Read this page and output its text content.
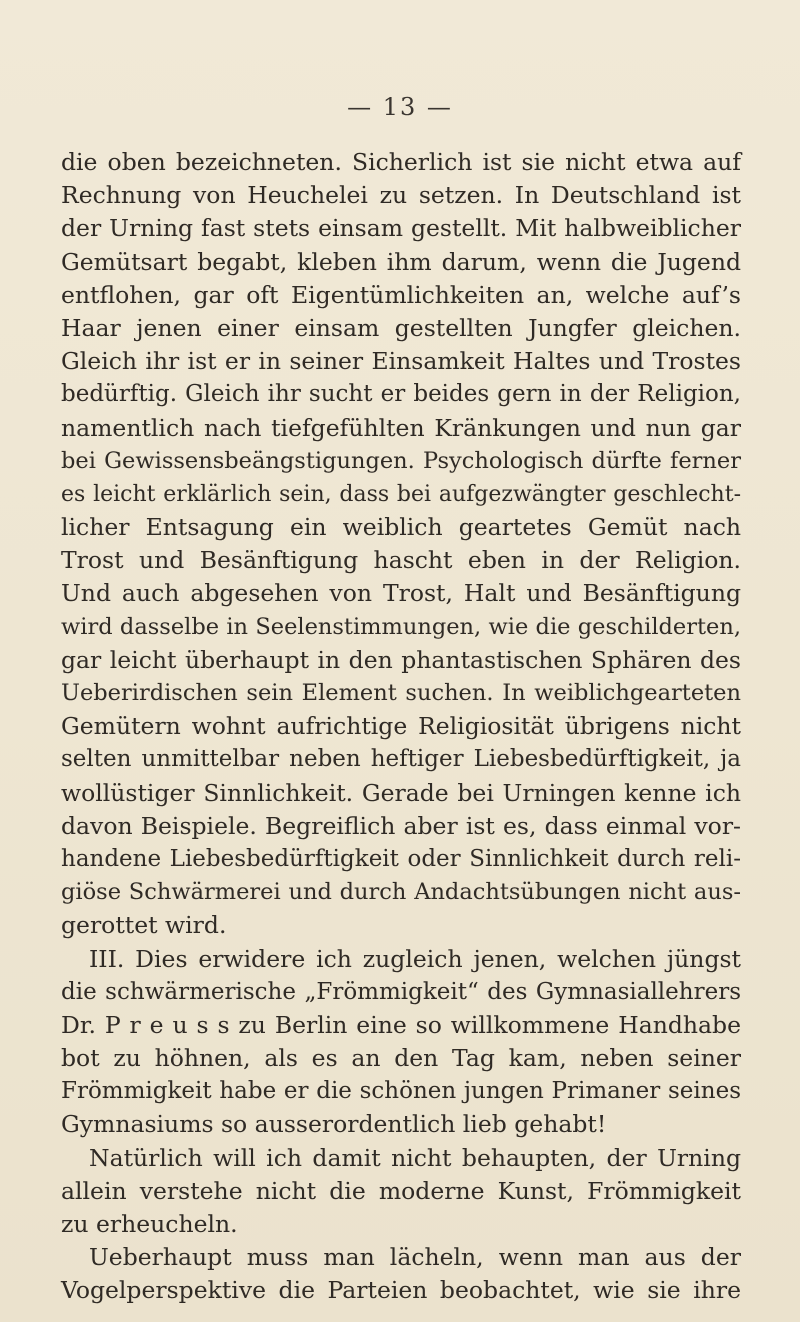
— 13 —
die oben bezeichneten. Sicherlich ist sie nicht etwa auf
Rechnung von Heuchelei zu setzen. In Deutschland ist
der Urning fast stets einsam gestellt. Mit halbweiblicher
Gemütsart begabt, kleben ihm darum, wenn die Jugend
entflohen, gar oft Eigentümlichkeiten an, welche auf’s
Haar jenen einer einsam gestellten Jungfer gleichen.
Gleich ihr ist er in seiner Einsamkeit Haltes und Trostes
bedürftig. Gleich ihr sucht er beides gern in der Religion,
namentlich nach tiefgefühlten Kränkungen und nun gar
bei Gewissensbeängstigungen. Psychologisch dürfte ferner
es leicht erklärlich sein, dass bei aufgezwängter geschlecht-
licher Entsagung ein weiblich geartetes Gemüt nach
Trost und Besänftigung hascht eben in der Religion.
Und auch abgesehen von Trost, Halt und Besänftigung
wird dasselbe in Seelenstimmungen, wie die geschilderten,
gar leicht überhaupt in den phantastischen Sphären des
Ueberirdischen sein Element suchen. In weiblichgearteten
Gemütern wohnt aufrichtige Religiosität übrigens nicht
selten unmittelbar neben heftiger Liebesbedürftigkeit, ja
wollüstiger Sinnlichkeit. Gerade bei Urningen kenne ich
davon Beispiele. Begreiflich aber ist es, dass einmal vor-
handene Liebesbedürftigkeit oder Sinnlichkeit durch reli-
giöse Schwärmerei und durch Andachtsübungen nicht aus-
gerottet wird.
III. Dies erwidere ich zugleich jenen, welchen jüngst
die schwärmerische „Frömmigkeit“ des Gymnasiallehrers
Dr. P r e u s s zu Berlin eine so willkommene Handhabe
bot zu höhnen, als es an den Tag kam, neben seiner
Frömmigkeit habe er die schönen jungen Primaner seines
Gymnasiums so ausserordentlich lieb gehabt!
Natürlich will ich damit nicht behaupten, der Urning
allein verstehe nicht die moderne Kunst, Frömmigkeit
zu erheucheln.
Ueberhaupt muss man lächeln, wenn man aus der
Vogelperspektive die Parteien beobachtet, wie sie ihre
